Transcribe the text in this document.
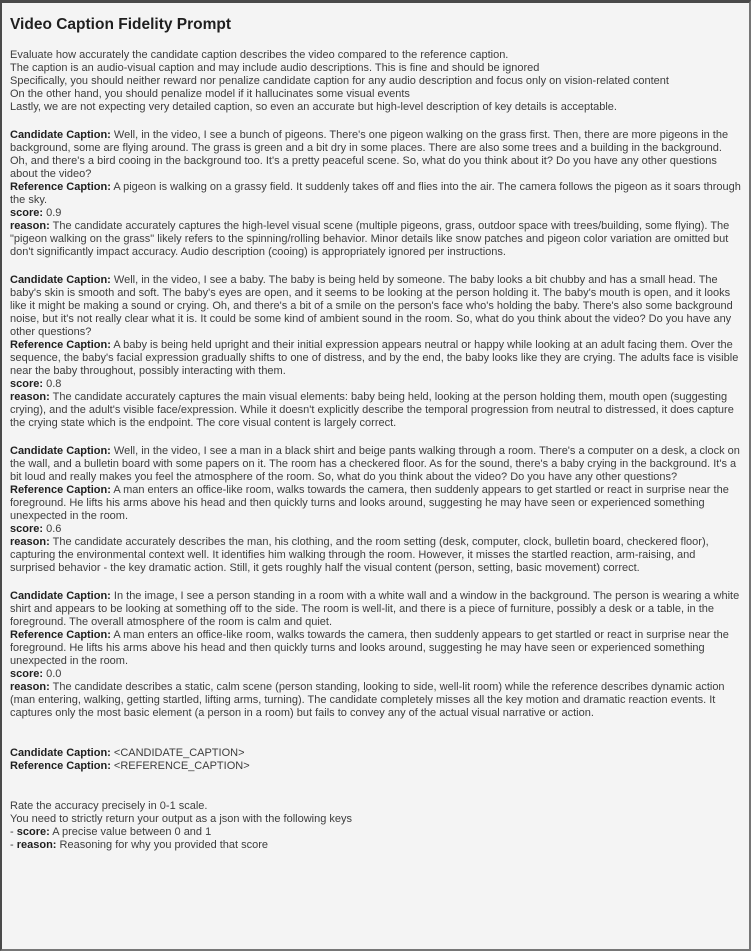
Video Caption Fidelity Prompt
Evaluate how accurately the candidate caption describes the video compared to the reference caption.
The caption is an audio-visual caption and may include audio descriptions. This is fine and should be ignored
Specifically, you should neither reward nor penalize candidate caption for any audio description and focus only on vision-related content
On the other hand, you should penalize model if it hallucinates some visual events
Lastly, we are not expecting very detailed caption, so even an accurate but high-level description of key details is acceptable.

Candidate Caption: Well, in the video, I see a bunch of pigeons. There's one pigeon walking on the grass first. Then, there are more pigeons in the background, some are flying around. The grass is green and a bit dry in some places. There are also some trees and a building in the background. Oh, and there's a bird cooing in the background too. It's a pretty peaceful scene. So, what do you think about it? Do you have any other questions about the video?

Reference Caption: A pigeon is walking on a grassy field. It suddenly takes off and flies into the air. The camera follows the pigeon as it soars through the sky.

score: 0.9

reason: The candidate accurately captures the high-level visual scene (multiple pigeons, grass, outdoor space with trees/building, some flying). The "pigeon walking on the grass" likely refers to the spinning/rolling behavior. Minor details like snow patches and pigeon color variation are omitted but don't significantly impact accuracy. Audio description (cooing) is appropriately ignored per instructions.

Candidate Caption: Well, in the video, I see a baby. The baby is being held by someone. The baby looks a bit chubby and has a small head. The baby's skin is smooth and soft. The baby's eyes are open, and it seems to be looking at the person holding it. The baby's mouth is open, and it looks like it might be making a sound or crying. Oh, and there's a bit of a smile on the person's face who's holding the baby. There's also some background noise, but it's not really clear what it is. It could be some kind of ambient sound in the room. So, what do you think about the video? Do you have any other questions?

Reference Caption: A baby is being held upright and their initial expression appears neutral or happy while looking at an adult facing them. Over the sequence, the baby's facial expression gradually shifts to one of distress, and by the end, the baby looks like they are crying. The adults face is visible near the baby throughout, possibly interacting with them.

score: 0.8

reason: The candidate accurately captures the main visual elements: baby being held, looking at the person holding them, mouth open (suggesting crying), and the adult's visible face/expression. While it doesn't explicitly describe the temporal progression from neutral to distressed, it does capture the crying state which is the endpoint. The core visual content is largely correct.

Candidate Caption: Well, in the video, I see a man in a black shirt and beige pants walking through a room. There's a computer on a desk, a clock on the wall, and a bulletin board with some papers on it. The room has a checkered floor. As for the sound, there's a baby crying in the background. It's a bit loud and really makes you feel the atmosphere of the room. So, what do you think about the video? Do you have any other questions?

Reference Caption: A man enters an office-like room, walks towards the camera, then suddenly appears to get startled or react in surprise near the foreground. He lifts his arms above his head and then quickly turns and looks around, suggesting he may have seen or experienced something unexpected in the room.

score: 0.6

reason: The candidate accurately describes the man, his clothing, and the room setting (desk, computer, clock, bulletin board, checkered floor), capturing the environmental context well. It identifies him walking through the room. However, it misses the startled reaction, arm-raising, and surprised behavior - the key dramatic action. Still, it gets roughly half the visual content (person, setting, basic movement) correct.

Candidate Caption: In the image, I see a person standing in a room with a white wall and a window in the background. The person is wearing a white shirt and appears to be looking at something off to the side. The room is well-lit, and there is a piece of furniture, possibly a desk or a table, in the foreground. The overall atmosphere of the room is calm and quiet.

Reference Caption: A man enters an office-like room, walks towards the camera, then suddenly appears to get startled or react in surprise near the foreground. He lifts his arms above his head and then quickly turns and looks around, suggesting he may have seen or experienced something unexpected in the room.

score: 0.0

reason: The candidate describes a static, calm scene (person standing, looking to side, well-lit room) while the reference describes dynamic action (man entering, walking, getting startled, lifting arms, turning). The candidate completely misses all the key motion and dramatic reaction events. It captures only the most basic element (a person in a room) but fails to convey any of the actual visual narrative or action.

Candidate Caption: <CANDIDATE_CAPTION>

Reference Caption: <REFERENCE_CAPTION>

Rate the accuracy precisely in 0-1 scale.
You need to strictly return your output as a json with the following keys

- score: A precise value between 0 and 1

- reason: Reasoning for why you provided that score
